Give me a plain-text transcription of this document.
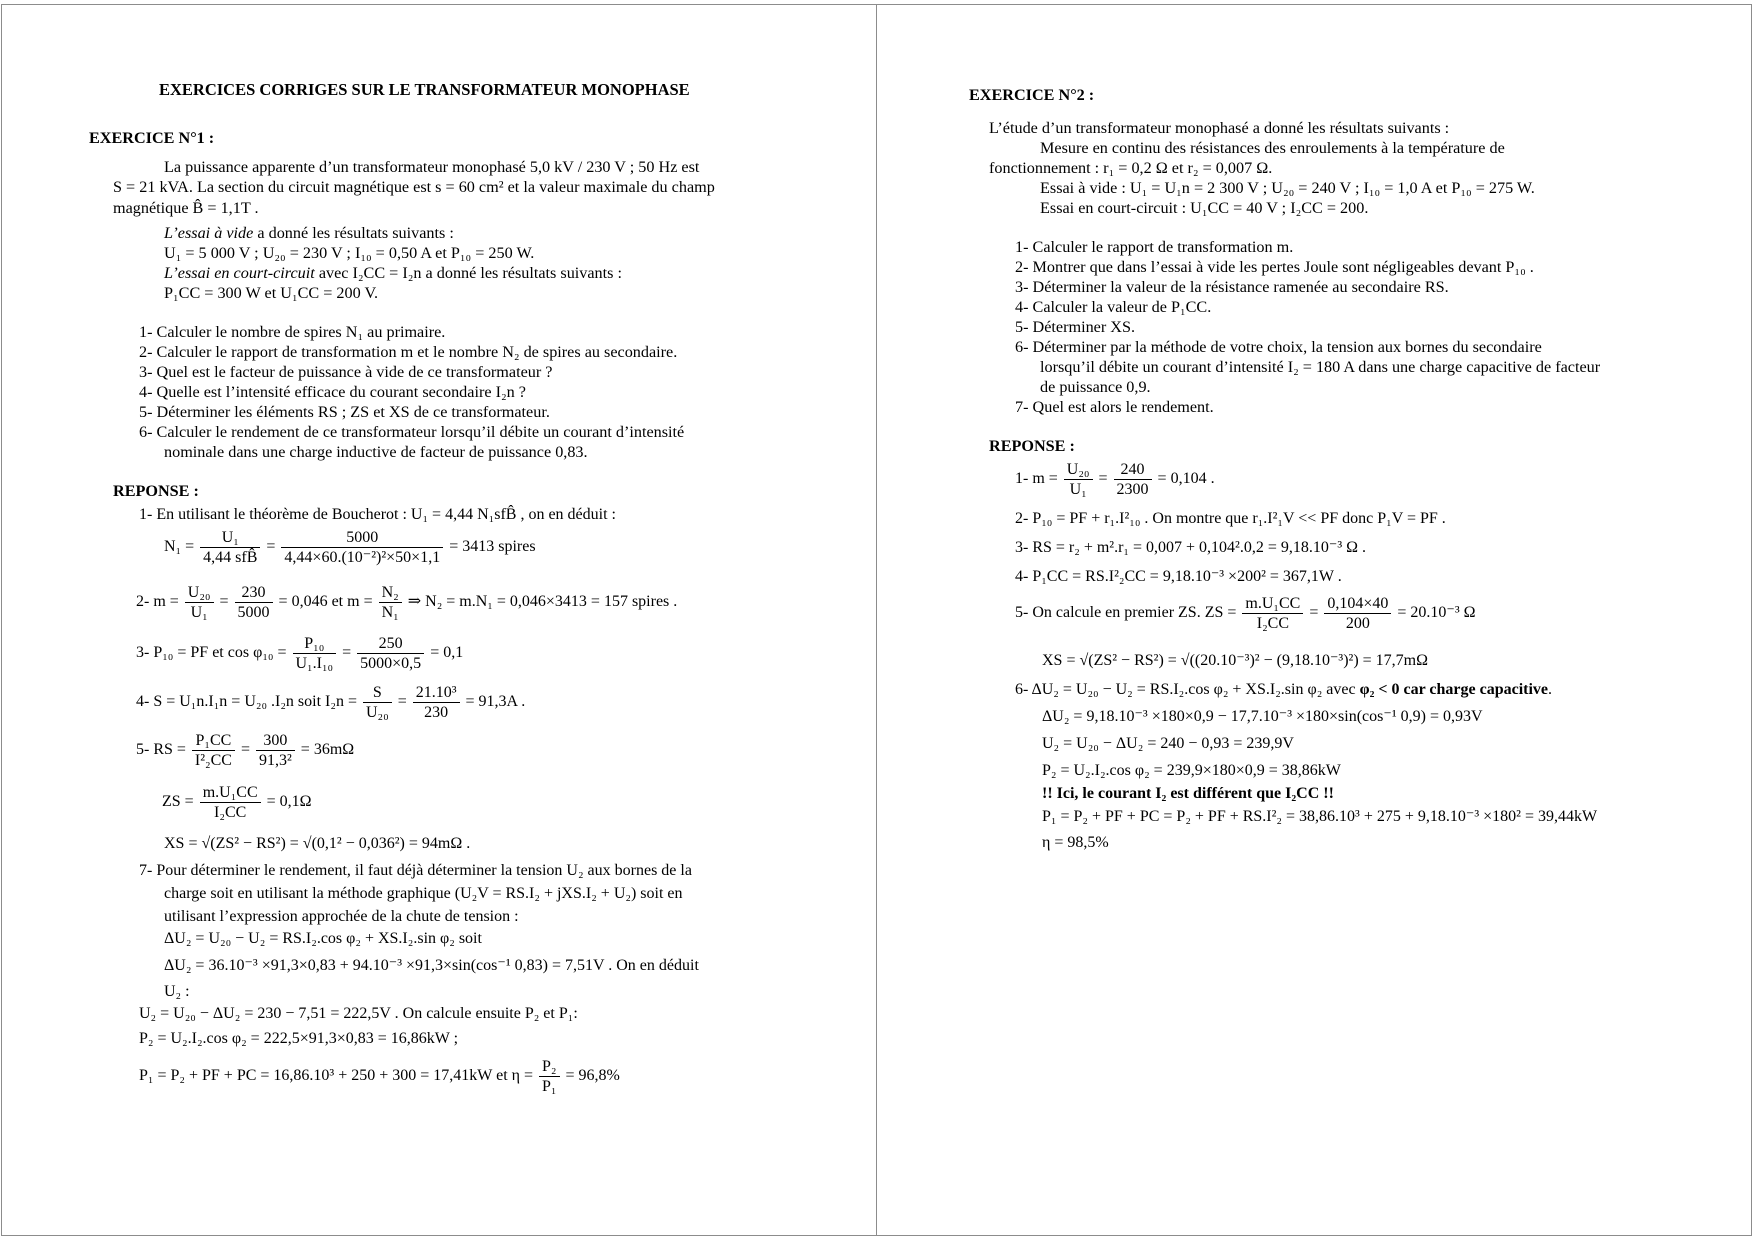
EXERCICES CORRIGES SUR LE TRANSFORMATEUR MONOPHASE
EXERCICE N°1 :
La puissance apparente d’un transformateur monophasé 5,0 kV / 230 V ; 50 Hz est
S = 21 kVA. La section du circuit magnétique est s = 60 cm² et la valeur maximale du champ
magnétique B̂ = 1,1T .
L’essai à vide a donné les résultats suivants :
U₁ = 5 000 V ; U₂₀ = 230 V ; I₁₀ = 0,50 A et P₁₀ = 250 W.
L’essai en court-circuit avec I₂CC = I₂n a donné les résultats suivants :
P₁CC = 300 W et U₁CC = 200 V.
1- Calculer le nombre de spires N₁ au primaire.
2- Calculer le rapport de transformation m et le nombre N₂ de spires au secondaire.
3- Quel est le facteur de puissance à vide de ce transformateur ?
4- Quelle est l’intensité efficace du courant secondaire I₂n ?
5- Déterminer les éléments RS ; ZS et XS de ce transformateur.
6- Calculer le rendement de ce transformateur lorsqu’il débite un courant d’intensité
nominale dans une charge inductive de facteur de puissance 0,83.
REPONSE :
1- En utilisant le théorème de Boucherot : U₁ = 4,44 N₁sfB̂ , on en déduit :
$N_1 = \frac{\text{U₁}}{\text{4,44 sfB̂}} = \frac{5000}{\text{4,44×60.(10⁻²)²×50×1,1}} = 3413$ spires
2- $m = \frac{\text{U₂₀}}{\text{U₁}} = \frac{230}{5000} = 0,046$ et $m = \frac{\text{N₂}}{\text{N₁}}$ ⇒ N₂ = m.N₁ = 0,046×3413 = 157 spires .
3- P₁₀ = PF et $\cos \varphi_{10} = \frac{\text{P₁₀}}{\text{U₁.I₁₀}} = \frac{250}{5000\times 0,5} = 0,1$
4- S = U₁n.I₁n = U₂₀ .I₂n soit $I_2n = \frac{S}{\text{U₂₀}} = \frac{\text{21.10³}}{230} = 91,3A$ .
5- RS = $\frac{\text{P₁CC}}{\text{I²₂CC}} = \frac{300}{\text{91,3²}} = 36m\Omega$
ZS = $\frac{\text{m.U₁CC}}{\text{I₂CC}} = 0,1\Omega$
XS = √(ZS² − RS²) = √(0,1² − 0,036²) = 94mΩ .
7- Pour déterminer le rendement, il faut déjà déterminer la tension U₂ aux bornes de la
charge soit en utilisant la méthode graphique (U₂V = RS.I₂ + jXS.I₂ + U₂) soit en
utilisant l’expression approchée de la chute de tension :
ΔU₂ = U₂₀ − U₂ = RS.I₂.cos φ₂ + XS.I₂.sin φ₂ soit
ΔU₂ = 36.10⁻³ ×91,3×0,83 + 94.10⁻³ ×91,3×sin(cos⁻¹ 0,83) = 7,51V . On en déduit
U₂ :
U₂ = U₂₀ − ΔU₂ = 230 − 7,51 = 222,5V . On calcule ensuite P₂ et P₁:
P₂ = U₂.I₂.cos φ₂ = 222,5×91,3×0,83 = 16,86kW ;
P₁ = P₂ + PF + PC = 16,86.10³ + 250 + 300 = 17,41kW et $\eta = \frac{\text{P₂}}{\text{P₁}} = 96,8\%$
EXERCICE N°2 :
L’étude d’un transformateur monophasé a donné les résultats suivants :
Mesure en continu des résistances des enroulements à la température de
fonctionnement : r₁ = 0,2 Ω et r₂ = 0,007 Ω.
Essai à vide : U₁ = U₁n = 2 300 V ; U₂₀ = 240 V ; I₁₀ = 1,0 A et P₁₀ = 275 W.
Essai en court-circuit : U₁CC = 40 V ; I₂CC = 200.
1- Calculer le rapport de transformation m.
2- Montrer que dans l’essai à vide les pertes Joule sont négligeables devant P₁₀ .
3- Déterminer la valeur de la résistance ramenée au secondaire RS.
4- Calculer la valeur de P₁CC.
5- Déterminer XS.
6- Déterminer par la méthode de votre choix, la tension aux bornes du secondaire
lorsqu’il débite un courant d’intensité I₂ = 180 A dans une charge capacitive de facteur
de puissance 0,9.
7- Quel est alors le rendement.
REPONSE :
1- $m = \frac{\text{U₂₀}}{\text{U₁}} = \frac{240}{2300} = 0,104$ .
2- P₁₀ = PF + r₁.I²₁₀ . On montre que r₁.I²₁V << PF donc P₁V = PF .
3- RS = r₂ + m².r₁ = 0,007 + 0,104².0,2 = 9,18.10⁻³ Ω .
4- P₁CC = RS.I²₂CC = 9,18.10⁻³ ×200² = 367,1W .
5- On calcule en premier ZS. ZS = $\frac{\text{m.U₁CC}}{\text{I₂CC}} = \frac{0,104\times 40}{200} = 20.10^{-3}$ Ω
XS = √(ZS² − RS²) = √((20.10⁻³)² − (9,18.10⁻³)²) = 17,7mΩ
6- ΔU₂ = U₂₀ − U₂ = RS.I₂.cos φ₂ + XS.I₂.sin φ₂ avec φ₂ < 0 car charge capacitive.
ΔU₂ = 9,18.10⁻³ ×180×0,9 − 17,7.10⁻³ ×180×sin(cos⁻¹ 0,9) = 0,93V
U₂ = U₂₀ − ΔU₂ = 240 − 0,93 = 239,9V
P₂ = U₂.I₂.cos φ₂ = 239,9×180×0,9 = 38,86kW
!! Ici, le courant I₂ est différent que I₂CC !!
P₁ = P₂ + PF + PC = P₂ + PF + RS.I²₂ = 38,86.10³ + 275 + 9,18.10⁻³ ×180² = 39,44kW
η = 98,5%
